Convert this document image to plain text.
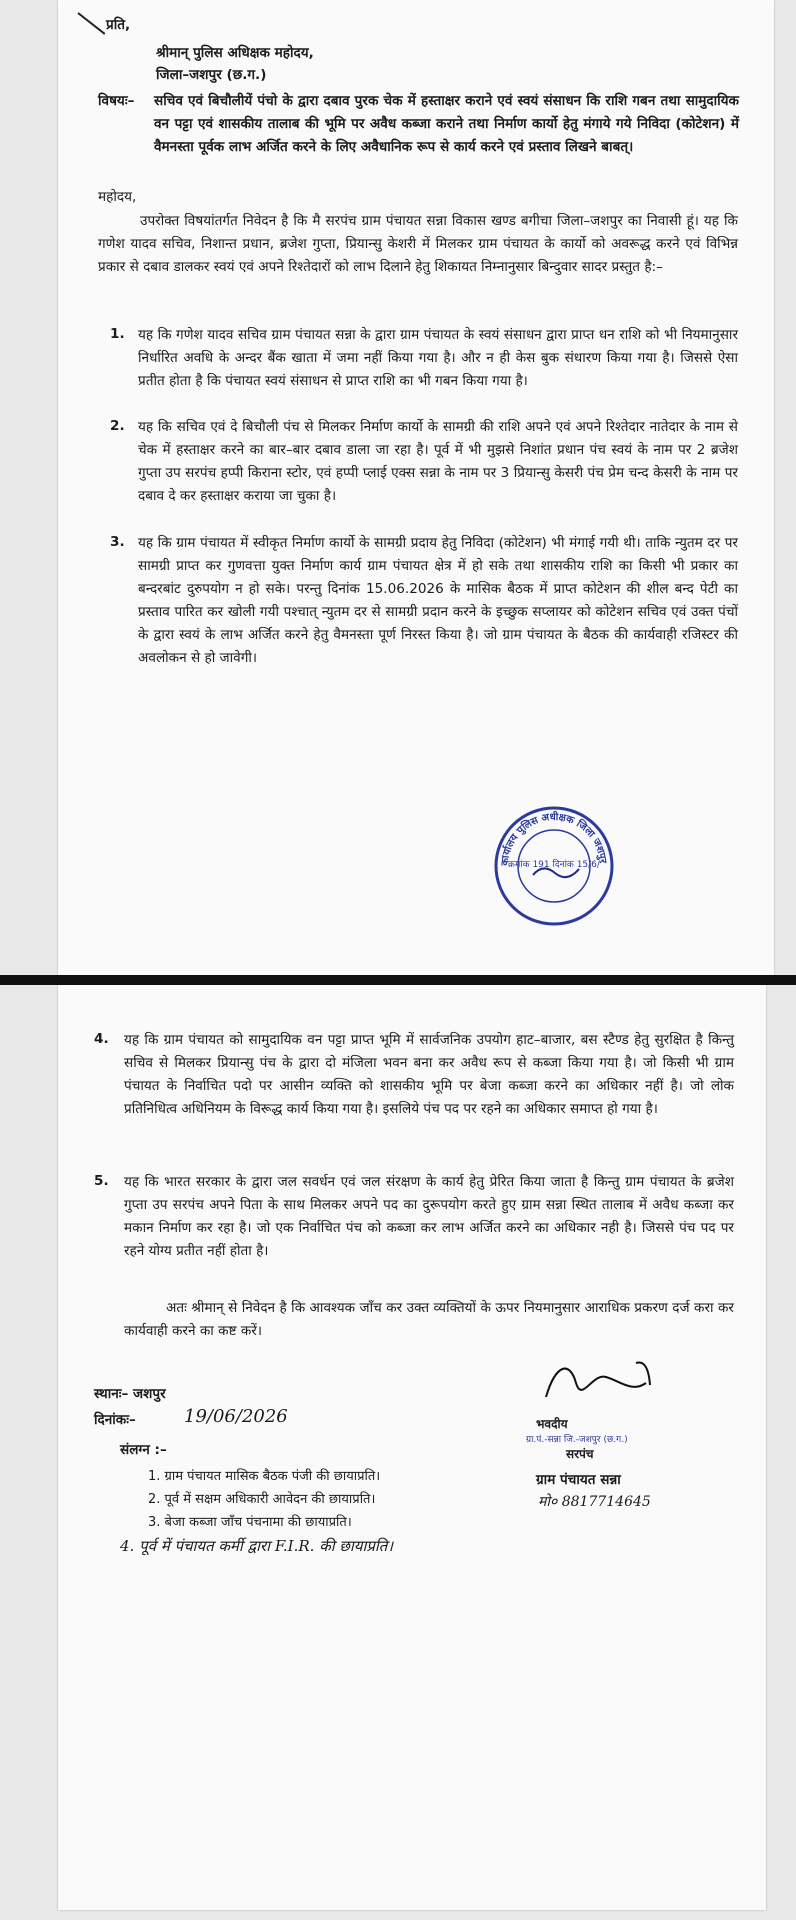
प्रति,
श्रीमान् पुलिस अधिक्षक महोदय,
जिला–जशपुर (छ.ग.)
विषयः–	सचिव एवं बिचौलीयें पंचो के द्वारा दबाव पुरक चेक में हस्ताक्षर कराने एवं स्वयं संसाधन कि राशि गबन तथा सामुदायिक वन पट्टा एवं शासकीय तालाब की भूमि पर अवैध कब्जा कराने तथा निर्माण कार्यो हेतु मंगाये गये निविदा (कोटेशन) में वैमनस्ता पूर्वक लाभ अर्जित करने के लिए अवैधानिक रूप से कार्य करने एवं प्रस्ताव लिखने बाबत्।
महोदय,
उपरोक्त विषयांतर्गत निवेदन है कि मै सरपंच ग्राम पंचायत सन्ना विकास खण्ड बगीचा जिला–जशपुर का निवासी हूं। यह कि गणेश यादव सचिव, निशान्त प्रधान, ब्रजेश गुप्ता, प्रियान्सु केशरी में मिलकर ग्राम पंचायत के कार्यो को अवरूद्ध करने एवं विभिन्न प्रकार से दबाव डालकर स्वयं एवं अपने रिश्तेदारों को लाभ दिलाने हेतु शिकायत निम्नानुसार बिन्दुवार सादर प्रस्तुत है:–
1. यह कि गणेश यादव सचिव ग्राम पंचायत सन्ना के द्वारा ग्राम पंचायत के स्वयं संसाधन द्वारा प्राप्त धन राशि को भी नियमानुसार निर्धारित अवधि के अन्दर बैंक खाता में जमा नहीं किया गया है। और न ही केस बुक संधारण किया गया है। जिससे ऐसा प्रतीत होता है कि पंचायत स्वयं संसाधन से प्राप्त राशि का भी गबन किया गया है।
2. यह कि सचिव एवं दे बिचौली पंच से मिलकर निर्माण कार्यो के सामग्री की राशि अपने एवं अपने रिश्तेदार नातेदार के नाम से चेक में हस्ताक्षर करने का बार–बार दबाव डाला जा रहा है। पूर्व में भी मुझसे निशांत प्रधान पंच स्वयं के नाम पर 2 ब्रजेश गुप्ता उप सरपंच हप्पी किराना स्टोर, एवं हप्पी प्लाई एक्स सन्ना के नाम पर 3 प्रियान्सु केसरी पंच प्रेम चन्द केसरी के नाम पर दबाव दे कर हस्ताक्षर कराया जा चुका है।
3. यह कि ग्राम पंचायत में स्वीकृत निर्माण कार्यो के सामग्री प्रदाय हेतु निविदा (कोटेशन) भी मंगाई गयी थी। ताकि न्युतम दर पर सामग्री प्राप्त कर गुणवत्ता युक्त निर्माण कार्य ग्राम पंचायत क्षेत्र में हो सके तथा शासकीय राशि का किसी भी प्रकार का बन्दरबांट दुरुपयोग न हो सके। परन्तु दिनांक 15.06.2026 के मासिक बैठक में प्राप्त कोटेशन की शील बन्द पेटी का प्रस्ताव पारित कर खोली गयी पश्चात् न्युतम दर से सामग्री प्रदान करने के इच्छुक सप्लायर को कोटेशन सचिव एवं उक्त पंचों के द्वारा स्वयं के लाभ अर्जित करने हेतु वैमनस्ता पूर्ण निरस्त किया है। जो ग्राम पंचायत के बैठक की कार्यवाही रजिस्टर की अवलोकन से हो जावेगी।
कार्यालय पुलिस अधीक्षक जिला जशपुर
क्रमांक 191 दिनांक 15/6/
4. यह कि ग्राम पंचायत को सामुदायिक वन पट्टा प्राप्त भूमि में सार्वजनिक उपयोग हाट–बाजार, बस स्टैण्ड हेतु सुरक्षित है किन्तु सचिव से मिलकर प्रियान्सु पंच के द्वारा दो मंजिला भवन बना कर अवैध रूप से कब्जा किया गया है। जो किसी भी ग्राम पंचायत के निर्वाचित पदो पर आसीन व्यक्ति को शासकीय भूमि पर बेजा कब्जा करने का अधिकार नहीं है। जो लोक प्रतिनिधित्व अधिनियम के विरूद्ध कार्य किया गया है। इसलिये पंच पद पर रहने का अधिकार समाप्त हो गया है।
5. यह कि भारत सरकार के द्वारा जल सवर्धन एवं जल संरक्षण के कार्य हेतु प्रेरित किया जाता है किन्तु ग्राम पंचायत के ब्रजेश गुप्ता उप सरपंच अपने पिता के साथ मिलकर अपने पद का दुरूपयोग करते हुए ग्राम सन्ना स्थित तालाब में अवैध कब्जा कर मकान निर्माण कर रहा है। जो एक निर्वाचित पंच को कब्जा कर लाभ अर्जित करने का अधिकार नही है। जिससे पंच पद पर रहने योग्य प्रतीत नहीं होता है।
अतः श्रीमान् से निवेदन है कि आवश्यक जाँच कर उक्त व्यक्तियों के ऊपर नियमानुसार आराधिक प्रकरण दर्ज करा कर कार्यवाही करने का कष्ट करें।
स्थानः– जशपुर
दिनांकः–	19/06/2026
संलग्न :–
1. ग्राम पंचायत मासिक बैठक पंजी की छायाप्रति।
2. पूर्व में सक्षम अधिकारी आवेदन की छायाप्रति।
3. बेजा कब्जा जाँच पंचनामा की छायाप्रति।
4. पूर्व में पंचायत कर्मी द्वारा F.I.R. की छायाप्रति।
भवदीय
ग्रा.पं.-सन्ना जि.-जशपुर (छ.ग.)
सरपंच
ग्राम पंचायत सन्ना
मो० 8817714645
